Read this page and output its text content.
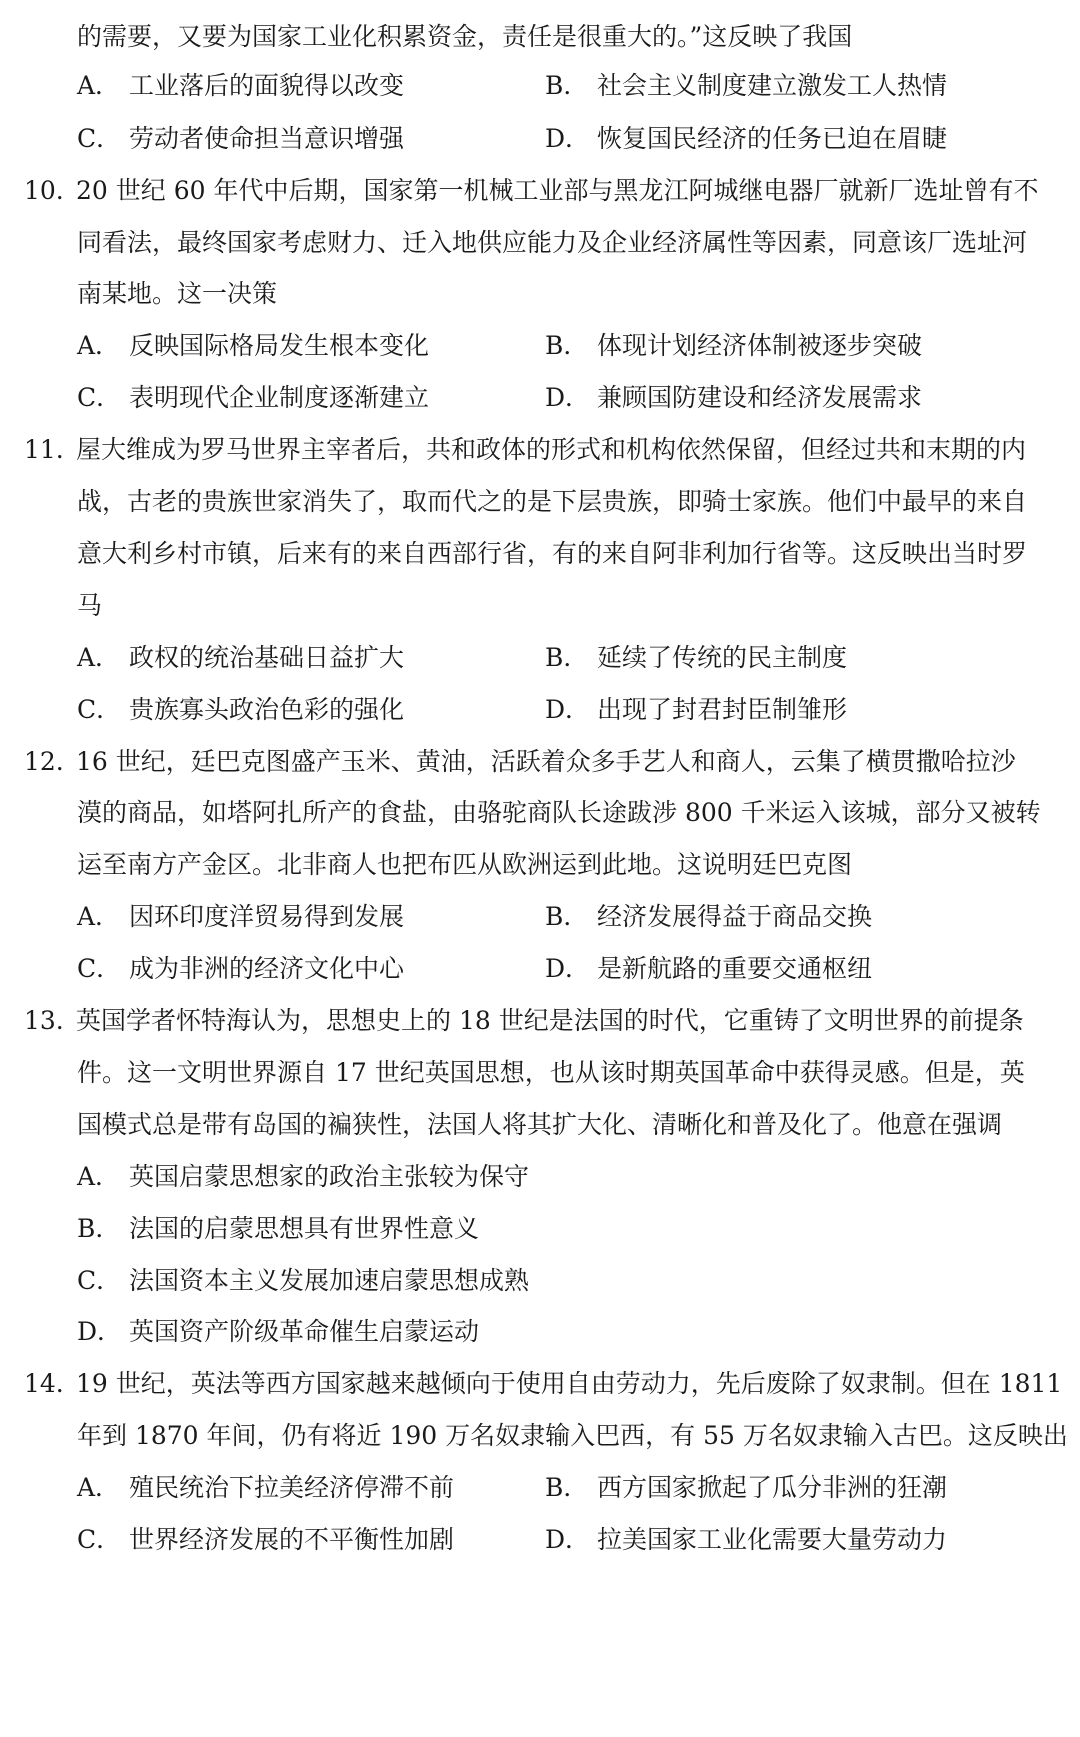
的需要，又要为国家工业化积累资金，责任是很重大的。”这反映了我国
A． 工业落后的面貌得以改变	B． 社会主义制度建立激发工人热情
C． 劳动者使命担当意识增强	D． 恢复国民经济的任务已迫在眉睫
10. 20 世纪 60 年代中后期，国家第一机械工业部与黑龙江阿城继电器厂就新厂选址曾有不
同看法，最终国家考虑财力、迁入地供应能力及企业经济属性等因素，同意该厂选址河
南某地。这一决策
A． 反映国际格局发生根本变化	B． 体现计划经济体制被逐步突破
C． 表明现代企业制度逐渐建立	D． 兼顾国防建设和经济发展需求
11. 屋大维成为罗马世界主宰者后，共和政体的形式和机构依然保留，但经过共和末期的内
战，古老的贵族世家消失了，取而代之的是下层贵族，即骑士家族。他们中最早的来自
意大利乡村市镇，后来有的来自西部行省，有的来自阿非利加行省等。这反映出当时罗
马
A． 政权的统治基础日益扩大	B． 延续了传统的民主制度
C． 贵族寡头政治色彩的强化	D． 出现了封君封臣制雏形
12. 16 世纪，廷巴克图盛产玉米、黄油，活跃着众多手艺人和商人，云集了横贯撒哈拉沙
漠的商品，如塔阿扎所产的食盐，由骆驼商队长途跋涉 800 千米运入该城，部分又被转
运至南方产金区。北非商人也把布匹从欧洲运到此地。这说明廷巴克图
A． 因环印度洋贸易得到发展	B． 经济发展得益于商品交换
C． 成为非洲的经济文化中心	D． 是新航路的重要交通枢纽
13. 英国学者怀特海认为，思想史上的 18 世纪是法国的时代，它重铸了文明世界的前提条
件。这一文明世界源自 17 世纪英国思想，也从该时期英国革命中获得灵感。但是，英
国模式总是带有岛国的褊狭性，法国人将其扩大化、清晰化和普及化了。他意在强调
A． 英国启蒙思想家的政治主张较为保守
B． 法国的启蒙思想具有世界性意义
C． 法国资本主义发展加速启蒙思想成熟
D． 英国资产阶级革命催生启蒙运动
14. 19 世纪，英法等西方国家越来越倾向于使用自由劳动力，先后废除了奴隶制。但在 1811
年到 1870 年间，仍有将近 190 万名奴隶输入巴西，有 55 万名奴隶输入古巴。这反映出
A． 殖民统治下拉美经济停滞不前	B． 西方国家掀起了瓜分非洲的狂潮
C． 世界经济发展的不平衡性加剧	D． 拉美国家工业化需要大量劳动力
